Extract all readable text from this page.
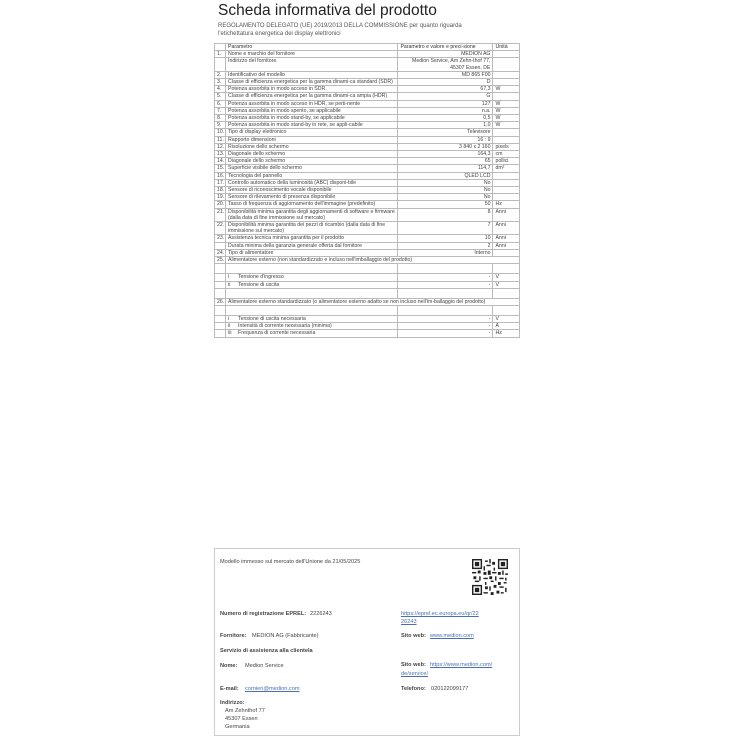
Scheda informativa del prodotto
REGOLAMENTO DELEGATO (UE) 2019/2013 DELLA COMMISSIONE per quanto riguarda
l'etichettatura energetica dei display elettronici
	Parametro	Parametro e valore e preci-sione	Unità
1.	Nome e marchio del fornitore	MEDION AG	
	Indirizzo del fornitore.	Medion Service, Am Zehn-thof 77, 45307 Essen, DE	
2.	Identificativo del modello	MD 865 F00	
3.	Classe di efficienza energetica per la gamma dinami-ca standard (SDR)	D	
4.	Potenza assorbita in modo acceso in SDR.	67,3	W
5.	Classe di efficienza energetica per la gamma dinami-ca ampia (HDR)	G	
6.	Potenza assorbita in modo acceso in HDR, se perti-nente	127	W
7.	Potenza assorbita in modo spento, se applicabile	n.a.	W
8.	Potenza assorbita in modo stand-by, se applicabile	0,5	W
9.	Potenza assorbita in modo stand-by in rete, se appli-cabile	1,0	W
10.	Tipo di display elettronico	Televisore	
11.	Rapporto dimensioni	16 : 9	
12.	Risoluzione dello schermo	3 840 x 2 160	pixels
13.	Diagonale dello schermo	164,3	cm
14.	Diagonale dello schermo	65	pollici
15.	Superficie visibile dello schermo	114,7	dm²
16.	Tecnologia del pannello	QLED LCD	
17.	Controllo automatico della luminosità (ABC) disponi-bile	No	
18.	Sensore di riconoscimento vocale disponibile	No	
19.	Sensore di rilevamento di presenza disponibile	No	
20.	Tasso di frequenza di aggiornamento dell'immagine (predefinito)	50	Hz
21.	Disponibilità minima garantita degli aggiornamenti di software e firmware (dalla data di fine immissione sul mercato)	8	Anni
22.	Disponibilità minima garantita dei pezzi di ricambio (dalla data di fine immissione sul mercato)	7	Anni
23.	Assistenza tecnica minima garantita per il prodotto	10	Anni
	Durata minima della garanzia generale offerta dal fornitore	2	Anni
24.	Tipo di alimentatore	Interno	
25.	Alimentatore esterno (non standardizzato e incluso nell'imballaggio del prodotto)		

	i Tensione d'ingresso	-	V
	ii Tensione di uscita	-	V

26.	Alimentatore esterno standardizzato (o alimentatore esterno adatto se non incluso nell'im-ballaggio del prodotto)		

	i Tensione di uscita necessaria	-	V
	ii Intensità di corrente necessaria (minima)	-	A
	iii Frequenza di corrente necessaria	-	Hz
Modello immesso sul mercato dell'Unione da 21/05/2025
Numero di registrazione EPREL: 2226243	https://eprel.ec.europa.eu/qr/22
26243
Fornitore: MEDION AG (Fabbricante)	Sito web: www.medion.com
Servizio di assistenza alla clientela
Nome: Medion Service	Sito web: https://www.medion.com/
de/service/
E-mail: cornieri@medion.com	Telefono: 020122099177
Indirizzo:
Am Zehnthof 77
45307 Essen
Germania
